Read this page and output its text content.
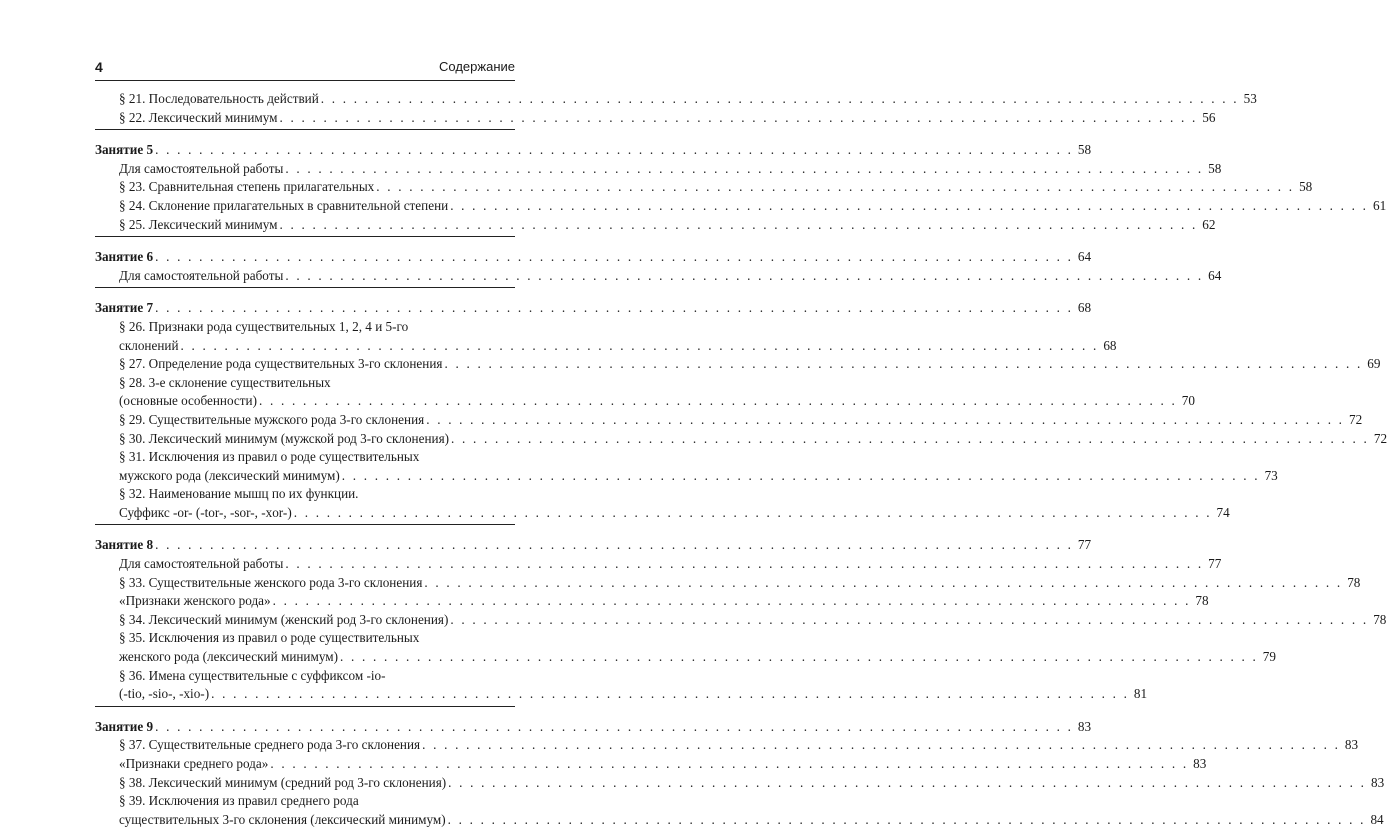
4	Содержание
§ 21. Последовательность действий . . .	53
§ 22. Лексический минимум . . .	56
Занятие 5 . . .	58
Для самостоятельной работы . . .	58
§ 23. Сравнительная степень прилагательных . . .	58
§ 24. Склонение прилагательных в сравнительной степени . . .	61
§ 25. Лексический минимум . . .	62
Занятие 6 . . .	64
Для самостоятельной работы . . .	64
Занятие 7 . . .	68
§ 26. Признаки рода существительных 1, 2, 4 и 5-го
склонений . . .	68
§ 27. Определение рода существительных 3-го склонения . . .	69
§ 28. 3-е склонение существительных
(основные особенности) . . .	70
§ 29. Существительные мужского рода 3-го склонения . . .	72
§ 30. Лексический минимум (мужской род 3-го склонения) . . .	72
§ 31. Исключения из правил о роде существительных
мужского рода (лексический минимум) . . .	73
§ 32. Наименование мышц по их функции.
Суффикс -or- (-tor-, -sor-, -xor-) . . .	74
Занятие 8 . . .	77
Для самостоятельной работы . . .	77
§ 33. Существительные женского рода 3-го склонения . . .	78
«Признаки женского рода» . . .	78
§ 34. Лексический минимум (женский род 3-го склонения) . . .	78
§ 35. Исключения из правил о роде существительных
женского рода (лексический минимум) . . .	79
§ 36. Имена существительные с суффиксом -io-
(-tio, -sio-, -xio-) . . .	81
Занятие 9 . . .	83
§ 37. Существительные среднего рода 3-го склонения . . .	83
«Признаки среднего рода» . . .	83
§ 38. Лексический минимум (средний род 3-го склонения) . . .	83
§ 39. Исключения из правил среднего рода
существительных 3-го склонения (лексический минимум) . . .	84
